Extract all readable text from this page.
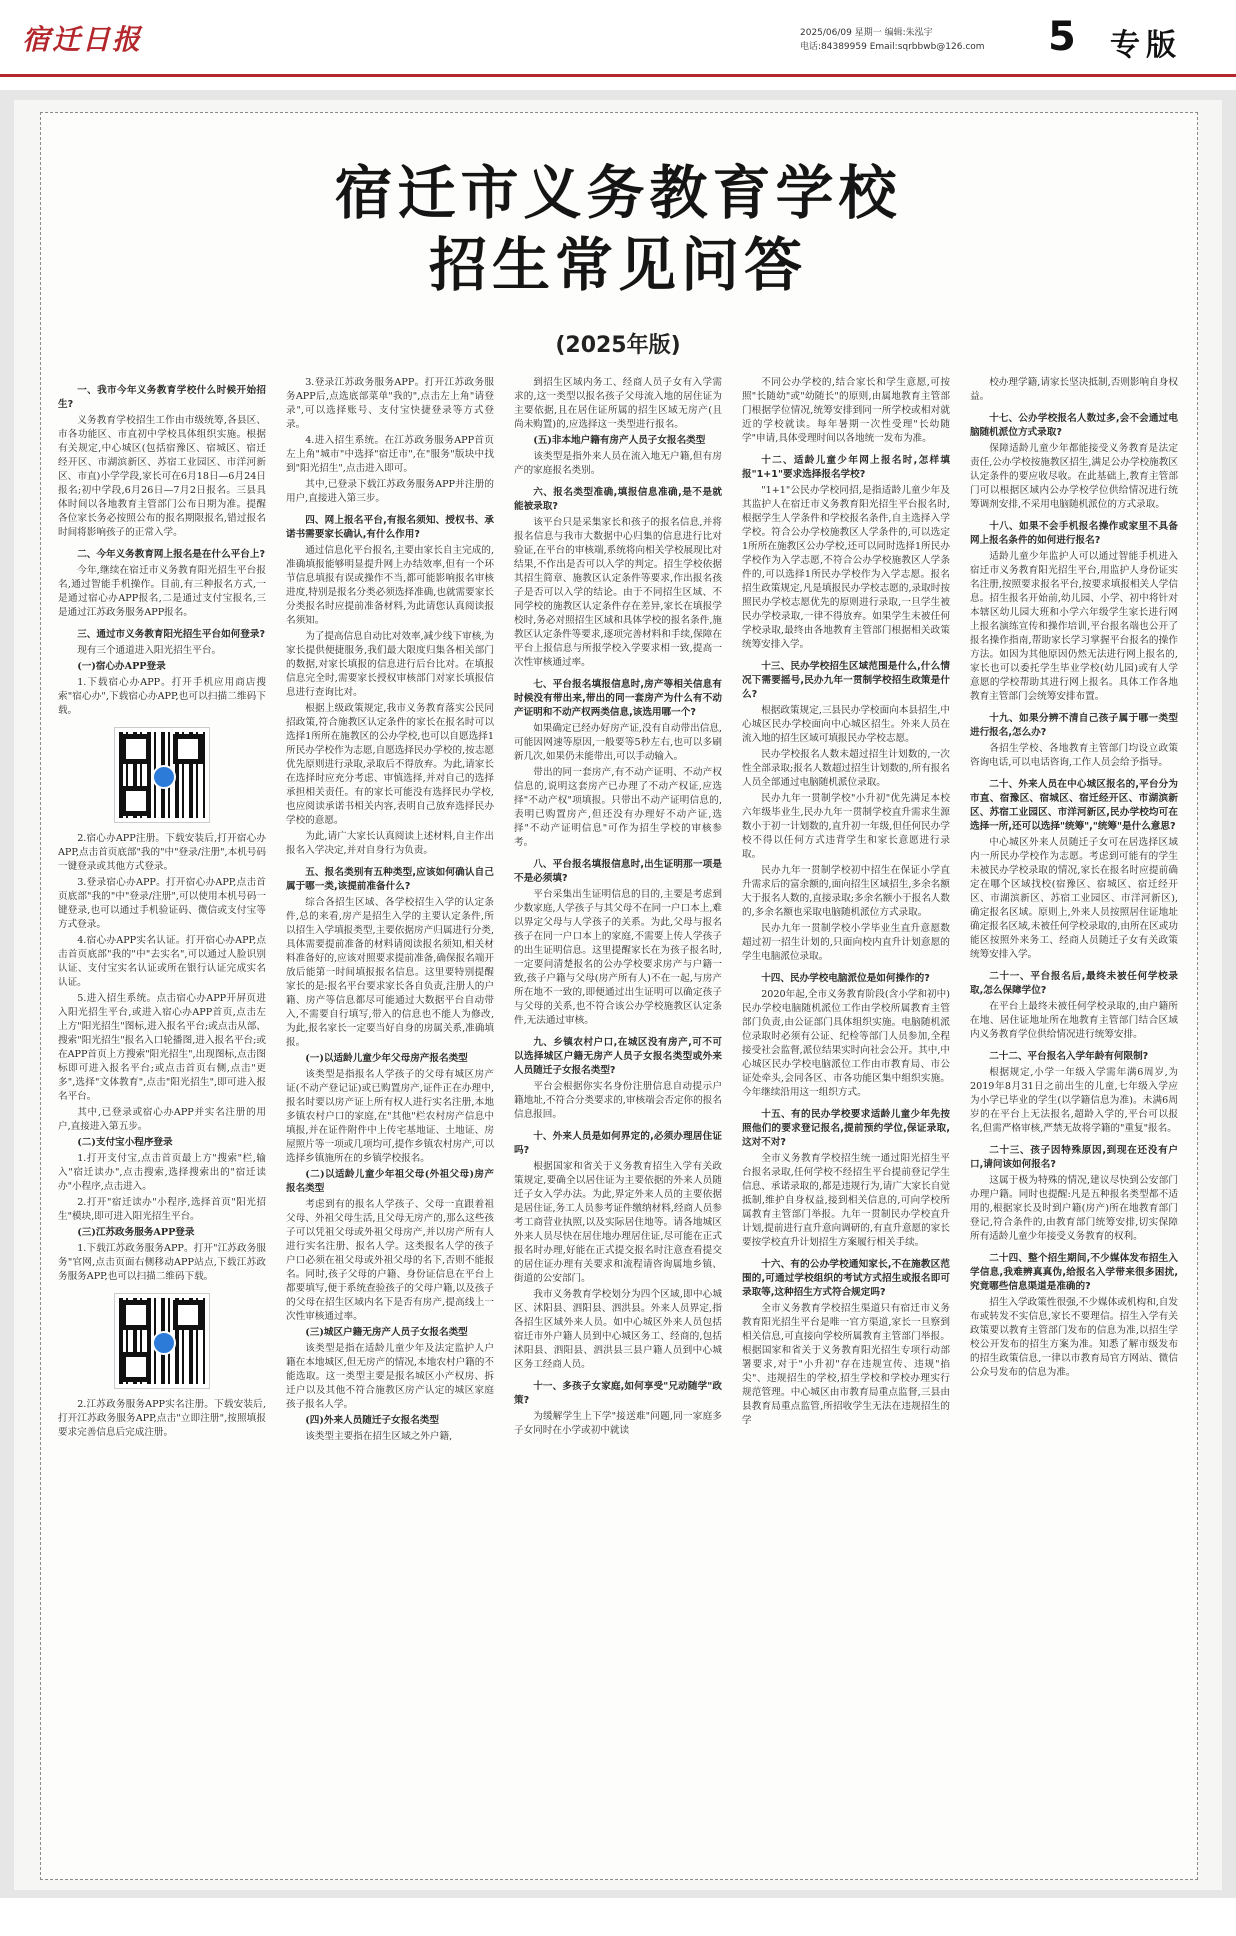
宿迁日报	2025/06/09 星期一 编辑:朱泓宇
电话:84389959 Email:sqrbbwb@126.com	5 专版
宿迁市义务教育学校
招生常见问答
(2025年版)
一、我市今年义务教育学校什么时候开始招生?

义务教育学校招生工作由市级统筹,各县区、市各功能区、市直初中学校具体组织实施。根据有关规定,中心城区(包括宿豫区、宿城区、宿迁经开区、市湖滨新区、苏宿工业园区、市洋河新区、市直)小学学段,家长可在6月18日—6月24日报名;初中学段,6月26日—7月2日报名。三县具体时间以各地教育主管部门公布日期为准。提醒各位家长务必按照公布的报名期限报名,错过报名时间将影响孩子的正常入学。

二、今年义务教育网上报名是在什么平台上?

今年,继续在宿迁市义务教育阳光招生平台报名,通过智能手机操作。目前,有三种报名方式,一是通过宿心办APP报名,二是通过支付宝报名,三是通过江苏政务服务APP报名。

三、通过市义务教育阳光招生平台如何登录?

现有三个通道进入阳光招生平台。

(一)宿心办APP登录

1.下载宿心办APP。打开手机应用商店搜索"宿心办",下载宿心办APP,也可以扫描二维码下载。

2.宿心办APP注册。下载安装后,打开宿心办APP,点击首页底部"我的"中"登录/注册",本机号码一键登录或其他方式登录。

3.登录宿心办APP。打开宿心办APP,点击首页底部"我的"中"登录/注册",可以使用本机号码一键登录,也可以通过手机验证码、微信或支付宝等方式登录。

4.宿心办APP实名认证。打开宿心办APP,点击首页底部"我的"中"去实名",可以通过人脸识别认证、支付宝实名认证或所在银行认证完成实名认证。

5.进入招生系统。点击宿心办APP开屏页进入阳光招生平台,或进入宿心办APP首页,点击左上方"阳光招生"图标,进入报名平台;或点击从部、搜索"阳光招生"报名入口轮播图,进入报名平台;或在APP首页上方搜索"阳光招生",出现图标,点击图标即可进入报名平台;或点击首页右侧,点击"更多",选择"文体教育",点击"阳光招生",即可进入报名平台。

其中,已登录或宿心办APP并实名注册的用户,直接进入第五步。

(二)支付宝小程序登录

1.打开支付宝,点击首页最上方"搜索"栏,输入"宿迁读办",点击搜索,选择搜索出的"宿迁读办"小程序,点击进入。

2.打开"宿迁读办"小程序,选择首页"阳光招生"模块,即可进入阳光招生平台。

(三)江苏政务服务APP登录

1.下载江苏政务服务APP。打开"江苏政务服务"官网,点击页面右侧移动APP站点,下载江苏政务服务APP,也可以扫描二维码下载。

2.江苏政务服务APP实名注册。下载安装后,打开江苏政务服务APP,点击"立即注册",按照填报要求完善信息后完成注册。

3.登录江苏政务服务APP。打开江苏政务服务APP后,点选底部菜单"我的",点击左上角"请登录",可以选择账号、支付宝快捷登录等方式登录。

4.进入招生系统。在江苏政务服务APP首页左上角"城市"中选择"宿迁市",在"服务"版块中找到"阳光招生",点击进入即可。

其中,已登录下载江苏政务服务APP并注册的用户,直接进入第三步。

四、网上报名平台,有报名须知、授权书、承诺书需要家长确认,有什么作用?

通过信息化平台报名,主要由家长自主完成的,准确填报能够明显提升网上办结效率,但有一个环节信息填报有误或操作不当,都可能影响报名审核进度,特别是报名分类必须选择准确,也就需要家长分类报名时应提前准备材料,为此请您认真阅读报名须知。

为了提高信息自动比对效率,减少线下审核,为家长提供便捷服务,我们最大限度归集各相关部门的数据,对家长填报的信息进行后台比对。在填报信息完全时,需要家长授权审核部门对家长填报信息进行查询比对。

根据上级政策规定,我市义务教育落实公民同招政策,符合施教区认定条件的家长在报名时可以选择1所所在施教区的公办学校,也可以自愿选择1所民办学校作为志愿,自愿选择民办学校的,按志愿优先原则进行录取,录取后不得放弃。为此,请家长在选择时应充分考虑、审慎选择,并对自己的选择承担相关责任。有的家长可能没有选择民办学校,也应阅读承诺书相关内容,表明自己放弃选择民办学校的意愿。

为此,请广大家长认真阅读上述材料,自主作出报名入学决定,并对自身行为负责。

五、报名类别有五种类型,应该如何确认自己属于哪一类,该提前准备什么?

综合各招生区域、各学校招生入学的认定条件,总的来看,房产是招生入学的主要认定条件,所以招生入学填报类型,主要依据房产归属进行分类,具体需要提前准备的材料请阅读报名须知,相关材料准备好的,应该对照要求提前准备,确保报名端开放后能第一时间填报报名信息。这里要特别提醒家长的是:报名平台要求家长各自负责,注册人的户籍、房产等信息都尽可能通过大数据平台自动带入,不需要自行填写,带入的信息也不能人为修改,为此,报名家长一定要当好自身的房属关系,准确填报。

(一)以适龄儿童少年父母房产报名类型

该类型是指报名人学孩子的父母有城区房产证(不动产登记证)或已购置房产,证件正在办理中,报名时要以房产证上所有权人进行实名注册,本地多镇农村户口的家庭,在"其他"栏农村房产信息中填报,并在证件附件中上传宅基地证、土地证、房屋照片等一项或几项均可,提作乡镇农村房产,可以选择乡镇施所在的乡镇学校报名。

(二)以适龄儿童少年祖父母(外祖父母)房产报名类型

考虑到有的报名人学孩子、父母一直跟着祖父母、外祖父母生活,且父母无房产的,那么这些孩子可以凭祖父母或外祖父母房产,并以房产所有人进行实名注册、报名人学。这类报名人学的孩子户口必须在祖父母或外祖父母的名下,否则不能报名。同时,孩子父母的户籍、身份证信息在平台上都要填写,便于系统查验孩子的父母户籍,以及孩子的父母在招生区域内名下是否有房产,提高线上一次性审核通过率。

(三)城区户籍无房产人员子女报名类型

该类型是指在适龄儿童少年及法定监护人户籍在本地城区,但无房产的情况,本地农村户籍的不能选取。这一类型主要是报名城区小产权房、拆迁户以及其他不符合施教区房产认定的城区家庭孩子报名人学。

(四)外来人员随迁子女报名类型

该类型主要指在招生区域之外户籍,

到招生区域内务工、经商人员子女有入学需求的,这一类型以报名孩子父母流入地的居住证为主要依据,且在居住证所属的招生区域无房产(且尚未购置)的,应选择这一类型进行报名。

(五)非本地户籍有房产人员子女报名类型

该类型是指外来人员在流入地无户籍,但有房产的家庭报名类别。

六、报名类型准确,填报信息准确,是不是就能被录取?

该平台只是采集家长和孩子的报名信息,并将报名信息与我市大数据中心归集的信息进行比对验证,在平台的审核端,系统将向相关学校展现比对结果,不作出是否可以入学的判定。招生学校依据其招生简章、施教区认定条件等要求,作出报名孩子是否可以入学的结论。由于不同招生区域、不同学校的施教区认定条件存在差异,家长在填报学校时,务必对照招生区域和具体学校的报名条件,施教区认定条件等要求,逐项完善材料和手续,保障在平台上报信息与所报学校入学要求相一致,提高一次性审核通过率。

七、平台报名填报信息时,房产等相关信息有时候没有带出来,带出的同一套房产为什么有不动产证明和不动产权两类信息,该选用哪一个?

如果确定已经办好房产证,没有自动带出信息,可能因网速等原因,一般要等5秒左右,也可以多刷新几次,如果仍未能带出,可以手动输入。

带出的同一套房产,有不动产证明、不动产权信息的,说明这套房产已办理了不动产权证,应选择"不动产权"项填报。只带出不动产证明信息的,表明已购置房产,但还没有办理好不动产证,选择"不动产证明信息"可作为招生学校的审核参考。

八、平台报名填报信息时,出生证明那一项是不是必须填?

平台采集出生证明信息的目的,主要是考虑到少数家庭,人学孩子与其父母不在同一户口本上,难以界定父母与人学孩子的关系。为此,父母与报名孩子在同一户口本上的家庭,不需要上传人学孩子的出生证明信息。这里提醒家长在为孩子报名时,一定要问清楚报名的公办学校要求房产与户籍一致,孩子户籍与父母(房产所有人)不在一起,与房产所在地不一致的,即便通过出生证明可以确定孩子与父母的关系,也不符合该公办学校施教区认定条件,无法通过审核。

九、乡镇农村户口,在城区没有房产,可不可以选择城区户籍无房产人员子女报名类型或外来人员随迁子女报名类型?

平台会根据你实名身份注册信息自动提示户籍地址,不符合分类要求的,审核端会否定你的报名信息报回。

十、外来人员是如何界定的,必须办理居住证吗?

根据国家和省关于义务教育招生入学有关政策规定,要确全以居住证为主要依据的外来人员随迁子女入学办法。为此,界定外来人员的主要依据是居住证,务工人员参考证件缴纳材料,经商人员参考工商营业执照,以及实际居住地等。请各地城区外来人员尽快在居住地办理居住证,尽可能在正式报名时办理,好能在正式提交报名时注意查看提交的居住证办理有关要求和流程请咨询属地乡镇、街道的公安部门。

我市义务教育学校划分为四个区域,即中心城区、沭阳县、泗阳县、泗洪县。外来人员界定,指各招生区域外来人员。如中心城区外来人员包括宿迁市外户籍人员到中心城区务工、经商的,包括沭阳县、泗阳县、泗洪县三县户籍人员到中心城区务工经商人员。

十一、多孩子女家庭,如何享受"兄动随学"政策?

为缓解学生上下学"接送难"问题,同一家庭多子女同时在小学或初中就读

不同公办学校的,结合家长和学生意愿,可按照"长随幼"或"幼随长"的原则,由属地教育主管部门根据学位情况,统筹安排到同一所学校或相对就近的学校就读。每年暑期一次性受理"长幼随学"申请,具体受理时间以各地统一发布为准。

十二、适龄儿童少年网上报名时,怎样填报"1+1"要求选择报名学校?

"1+1"公民办学校同招,是指适龄儿童少年及其监护人在宿迁市义务教育阳光招生平台报名时,根据学生人学条件和学校报名条件,自主选择入学学校。符合公办学校施教区人学条件的,可以选定1所所在施教区公办学校,还可以同时选择1所民办学校作为入学志愿,不符合公办学校施教区人学条件的,可以选择1所民办学校作为入学志愿。报名招生政策规定,凡是填报民办学校志愿的,录取时按照民办学校志愿优先的原则进行录取,一旦学生被民办学校录取,一律不得放弃。如果学生未被任何学校录取,最终由各地教育主管部门根据相关政策统筹安排入学。

十三、民办学校招生区域范围是什么,什么情况下需要摇号,民办九年一贯制学校招生政策是什么?

根据政策规定,三县民办学校面向本县招生,中心城区民办学校面向中心城区招生。外来人员在流入地的招生区域可填报民办学校志愿。

民办学校报名人数未超过招生计划数的,一次性全部录取;报名人数超过招生计划数的,所有报名人员全部通过电脑随机派位录取。

民办九年一贯制学校"小升初"优先满足本校六年级毕业生,民办九年一贯制学校直升需求生源数小于初一计划数的,直升初一年级,但任何民办学校不得以任何方式违背学生和家长意愿进行录取。

民办九年一贯制学校初中招生在保证小学直升需求后的富余额的,面向招生区域招生,多余名额大于报名人数的,直接录取;多余名额小于报名人数的,多余名额也采取电脑随机派位方式录取。

民办九年一贯制学校小学毕业生直升意愿数超过初一招生计划的,只面向校内直升计划意愿的学生电脑派位录取。

十四、民办学校电脑派位是如何操作的?

2020年起,全市义务教育阶段(含小学和初中)民办学校电脑随机派位工作由学校所属教育主管部门负责,由公证部门具体组织实施。电脑随机派位录取时必须有公证、纪检等部门人员参加,全程接受社会监督,派位结果实时向社会公开。其中,中心城区民办学校电脑派位工作由市教育局、市公证处牵头,会同各区、市各功能区集中组织实施。今年继续沿用这一组织方式。

十五、有的民办学校要求适龄儿童少年先按照他们的要求登记报名,提前预约学位,保证录取,这对不对?

全市义务教育学校招生统一通过阳光招生平台报名录取,任何学校不经招生平台提前登记学生信息、承诺录取的,都是违规行为,请广大家长自觉抵制,维护自身权益,接到相关信息的,可向学校所属教育主管部门举报。九年一贯制民办学校直升计划,提前进行直升意向调研的,有直升意愿的家长要按学校直升计划招生方案履行相关手续。

十六、有的公办学校通知家长,不在施教区范围的,可通过学校组织的考试方式招生或报名即可录取等,这种招生方式符合规定吗?

全市义务教育学校招生渠道只有宿迁市义务教育阳光招生平台是唯一官方渠道,家长一旦察到相关信息,可直接向学校所属教育主管部门举报。根据国家和省关于义务教育阳光招生专项行动部署要求,对于"小升初"存在违规宣传、违规"掐尖"、违规招生的学校,招生学校和学校办理实行规范管理。中心城区由市教育局重点监督,三县由县教育局重点监管,所招收学生无法在违规招生的学

校办理学籍,请家长坚决抵制,否则影响自身权益。

十七、公办学校报名人数过多,会不会通过电脑随机派位方式录取?

保障适龄儿童少年都能接受义务教育是法定责任,公办学校按施教区招生,满足公办学校施教区认定条件的要应收尽收。在此基础上,教育主管部门可以根据区域内公办学校学位供给情况进行统筹调剂安排,不采用电脑随机派位的方式录取。

十八、如果不会手机报名操作或家里不具备网上报名条件的如何进行报名?

适龄儿童少年监护人可以通过智能手机进入宿迁市义务教育阳光招生平台,用监护人身份证实名注册,按照要求报名平台,按要求填报相关人学信息。招生报名开始前,幼儿园、小学、初中将针对本辖区幼儿园大班和小学六年级学生家长进行网上报名演练宣传和操作培训,平台报名端也公开了报名操作指南,帮助家长学习掌握平台报名的操作方法。如因为其他原因仍然无法进行网上报名的,家长也可以委托学生毕业学校(幼儿园)或有人学意愿的学校帮助其进行网上报名。具体工作各地教育主管部门会统筹安排布置。

十九、如果分辨不清自己孩子属于哪一类型进行报名,怎么办?

各招生学校、各地教育主管部门均设立政策咨询电话,可以电话咨询,工作人员会给予指导。

二十、外来人员在中心城区报名的,平台分为市直、宿豫区、宿城区、宿迁经开区、市湖滨新区、苏宿工业园区、市洋河新区,民办学校均可在选择一所,还可以选择"统筹","统筹"是什么意思?

中心城区外来人员随迁子女可在居选择区域内一所民办学校作为志愿。考虑到可能有的学生未被民办学校录取的情况,家长在报名时应提前确定在哪个区域找校(宿豫区、宿城区、宿迁经开区、市湖滨新区、苏宿工业园区、市洋河新区),确定报名区域。原则上,外来人员按照居住证地址确定报名区域,未被任何学校录取的,由所在区或功能区按照外来务工、经商人员随迁子女有关政策统筹安排入学。

二十一、平台报名后,最终未被任何学校录取,怎么保障学位?

在平台上最终未被任何学校录取的,由户籍所在地、居住证地址所在地教育主管部门结合区域内义务教育学位供给情况进行统筹安排。

二十二、平台报名入学年龄有何限制?

根据规定,小学一年级入学需年满6周岁,为2019年8月31日之前出生的儿童,七年级入学应为小学已毕业的学生(以学籍信息为准)。未满6周岁的在平台上无法报名,超龄入学的,平台可以报名,但需严格审核,严禁无故将学籍的"重复"报名。

二十三、孩子因特殊原因,到现在还没有户口,请问该如何报名?

这属于极为特殊的情况,建议尽快到公安部门办理户籍。同时也提醒:凡是五种报名类型都不适用的,根据家长及时到户籍(房产)所在地教育部门登记,符合条件的,由教育部门统筹安排,切实保障所有适龄儿童少年接受义务教育的权利。

二十四、整个招生期间,不少媒体发布招生入学信息,我难辨真真伪,给报名入学带来很多困扰,究竟哪些信息渠道是准确的?

招生入学政策性很强,不少媒体或机构和,自发布或转发不实信息,家长不要理信。招生入学有关政策要以教育主管部门发布的信息为准,以招生学校公开发布的招生方案为准。知悉了解市级发布的招生政策信息,一律以市教育局官方网站、微信公众号发布的信息为准。
